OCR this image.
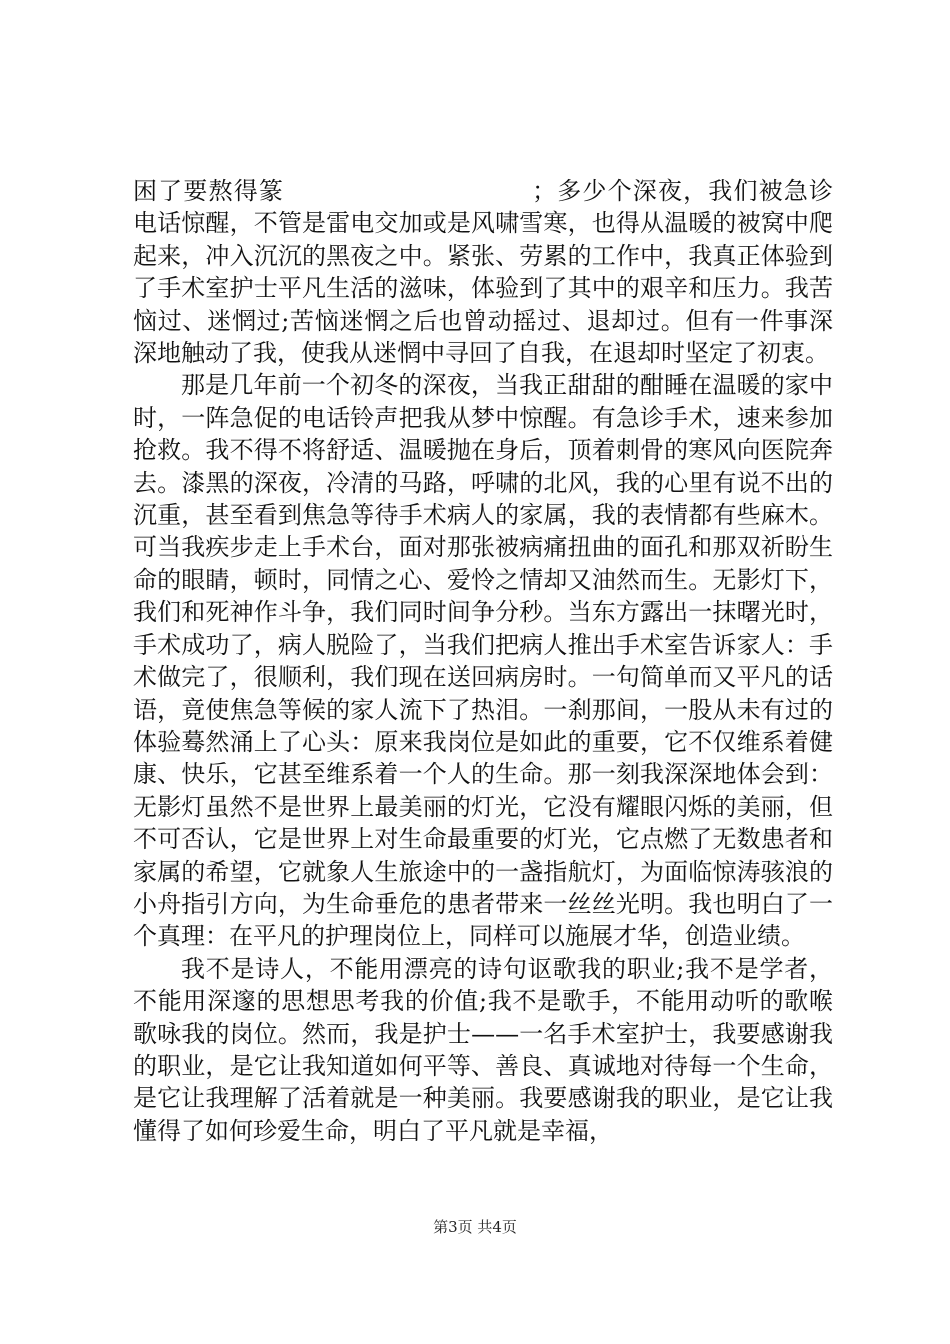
困了要熬得篆	；多少个深夜，我们被急诊电话惊醒，不管是雷电交加或是风啸雪寒，也得从温暖的被窝中爬起来，冲入沉沉的黑夜之中。紧张、劳累的工作中，我真正体验到了手术室护士平凡生活的滋味，体验到了其中的艰辛和压力。我苦恼过、迷惘过;苦恼迷惘之后也曾动摇过、退却过。但有一件事深深地触动了我，使我从迷惘中寻回了自我，在退却时坚定了初衷。

那是几年前一个初冬的深夜，当我正甜甜的酣睡在温暖的家中时，一阵急促的电话铃声把我从梦中惊醒。有急诊手术，速来参加抢救。我不得不将舒适、温暖抛在身后，顶着刺骨的寒风向医院奔去。漆黑的深夜，冷清的马路，呼啸的北风，我的心里有说不出的沉重，甚至看到焦急等待手术病人的家属，我的表情都有些麻木。可当我疾步走上手术台，面对那张被病痛扭曲的面孔和那双祈盼生命的眼睛，顿时，同情之心、爱怜之情却又油然而生。无影灯下，我们和死神作斗争，我们同时间争分秒。当东方露出一抹曙光时，手术成功了，病人脱险了，当我们把病人推出手术室告诉家人：手术做完了，很顺利，我们现在送回病房时。一句简单而又平凡的话语，竟使焦急等候的家人流下了热泪。一刹那间，一股从未有过的体验蓦然涌上了心头：原来我岗位是如此的重要，它不仅维系着健康、快乐，它甚至维系着一个人的生命。那一刻我深深地体会到：无影灯虽然不是世界上最美丽的灯光，它没有耀眼闪烁的美丽，但不可否认，它是世界上对生命最重要的灯光，它点燃了无数患者和家属的希望，它就象人生旅途中的一盏指航灯，为面临惊涛骇浪的小舟指引方向，为生命垂危的患者带来一丝丝光明。我也明白了一个真理：在平凡的护理岗位上，同样可以施展才华，创造业绩。

我不是诗人，不能用漂亮的诗句讴歌我的职业;我不是学者，不能用深邃的思想思考我的价值;我不是歌手，不能用动听的歌喉歌咏我的岗位。然而，我是护士——一名手术室护士，我要感谢我的职业，是它让我知道如何平等、善良、真诚地对待每一个生命，是它让我理解了活着就是一种美丽。我要感谢我的职业，是它让我懂得了如何珍爱生命，明白了平凡就是幸福，

第3页 共4页
